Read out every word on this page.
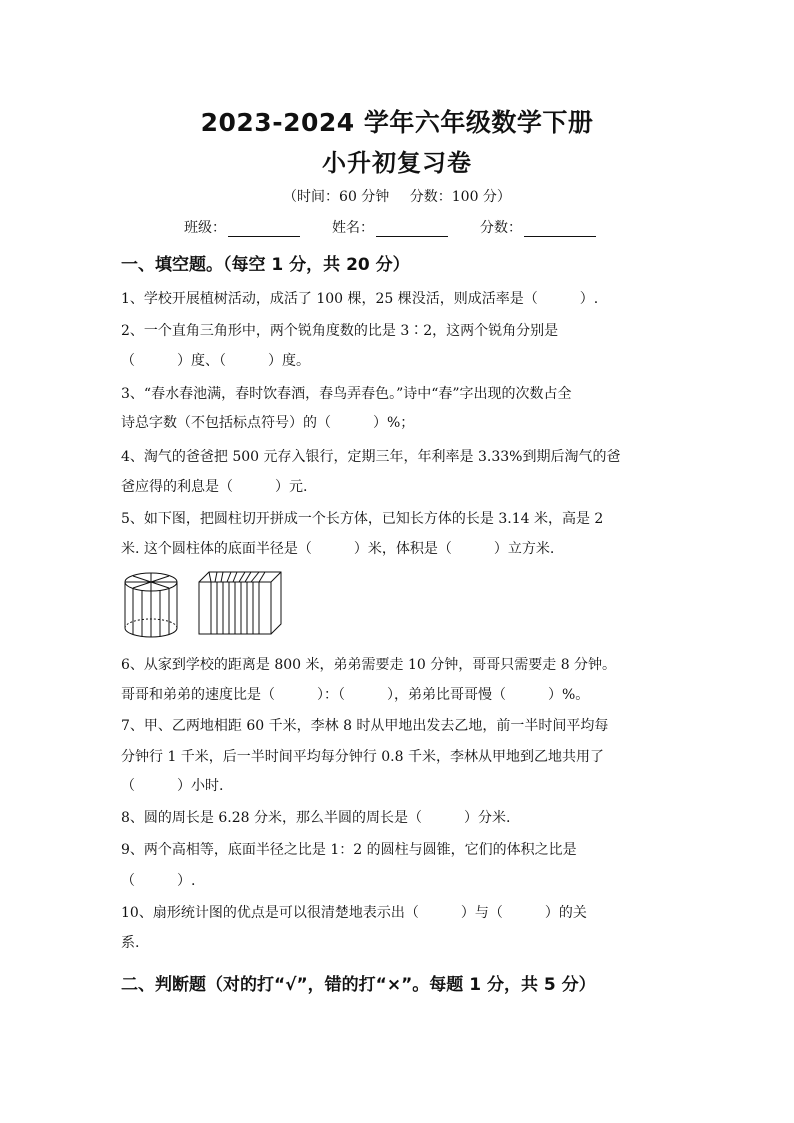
2023-2024 学年六年级数学下册
小升初复习卷
（时间：60 分钟 分数：100 分）
班级：	姓名：	分数：
一、填空题。（每空 1 分，共 20 分）
1、学校开展植树活动，成活了 100 棵，25 棵没活，则成活率是（　　　）.
2、一个直角三角形中，两个锐角度数的比是 3∶2，这两个锐角分别是
（　　　）度、（　　　）度。
3、“春水春池满，春时饮春酒，春鸟弄春色。”诗中“春”字出现的次数占全
诗总字数（不包括标点符号）的（　　　）%；
4、淘气的爸爸把 500 元存入银行，定期三年，年利率是 3.33%到期后淘气的爸
爸应得的利息是（　　　）元.
5、如下图，把圆柱切开拼成一个长方体，已知长方体的长是 3.14 米，高是 2
米. 这个圆柱体的底面半径是（　　　）米，体积是（　　　）立方米.
6、从家到学校的距离是 800 米，弟弟需要走 10 分钟，哥哥只需要走 8 分钟。
哥哥和弟弟的速度比是（　　　）：（　　　），弟弟比哥哥慢（　　　）%。
7、甲、乙两地相距 60 千米，李林 8 时从甲地出发去乙地，前一半时间平均每
分钟行 1 千米，后一半时间平均每分钟行 0.8 千米，李林从甲地到乙地共用了
（　　　）小时.
8、圆的周长是 6.28 分米，那么半圆的周长是（　　　）分米.
9、两个高相等，底面半径之比是 1：2 的圆柱与圆锥，它们的体积之比是
（　　　）.
10、扇形统计图的优点是可以很清楚地表示出（　　　）与（　　　）的关
系.
二、判断题（对的打“√”，错的打“×”。每题 1 分，共 5 分）
